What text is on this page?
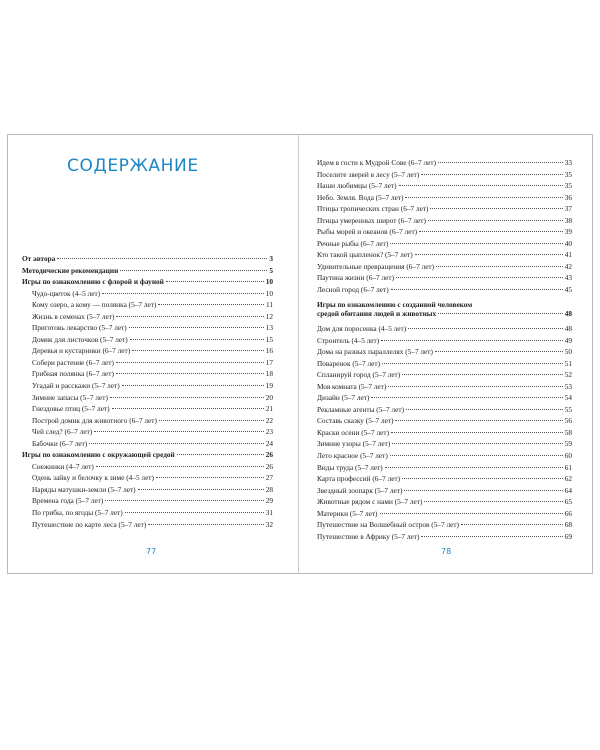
СОДЕРЖАНИЕ
От автора	3
Методические рекомендации	5
Игры по ознакомлению с флорой и фауной	10
Чудо-цветок (4–5 лет)	10
Кому озеро, а кому — полянка (5–7 лет)	11
Жизнь в семенах (5–7 лет)	12
Приготовь лекарство (5–7 лет)	13
Домик для листочков (5–7 лет)	15
Деревья и кустарники (6–7 лет)	16
Собери растение (6–7 лет)	17
Грибная полянка (6–7 лет)	18
Угадай и расскажи (5–7 лет)	19
Зимние запасы (5–7 лет)	20
Гнездовье птиц (5–7 лет)	21
Построй домик для животного (6–7 лет)	22
Чей след? (6–7 лет)	23
Бабочки (6–7 лет)	24
Игры по ознакомлению с окружающей средой	26
Снежинки (4–7 лет)	26
Одень зайку и белочку к зиме (4–5 лет)	27
Наряды матушки-земли (5–7 лет)	28
Времена года (5–7 лет)	29
По грибы, по ягоды (5–7 лет)	31
Путешествие по карте леса (5–7 лет)	32
77
Идем в гости к Мудрой Сове (6–7 лет)	33
Поселите зверей в лесу (5–7 лет)	35
Наши любимцы (5–7 лет)	35
Небо. Земля. Вода (5–7 лет)	36
Птицы тропических стран (6–7 лет)	37
Птицы умеренных широт (6–7 лет)	38
Рыбы морей и океанов (6–7 лет)	39
Речные рыбы (6–7 лет)	40
Кто такой цыпленок? (5–7 лет)	41
Удивительные превращения (6–7 лет)	42
Паутина жизни (6–7 лет)	43
Лесной город (6–7 лет)	45
Игры по ознакомлению с созданной человеком
средой обитания людей и животных	48
Дом для поросенка (4–5 лет)	48
Строитель (4–5 лет)	49
Дома на разных параллелях (5–7 лет)	50
Поваренок (5–7 лет)	51
Спланируй город (5–7 лет)	52
Моя комната (5–7 лет)	53
Дизайн (5–7 лет)	54
Рекламные агенты (5–7 лет)	55
Составь сказку (5–7 лет)	56
Краски осени (5–7 лет)	58
Зимние узоры (5–7 лет)	59
Лето красное (5–7 лет)	60
Виды труда (5–7 лет)	61
Карта профессий (6–7 лет)	62
Звездный зоопарк (5–7 лет)	64
Животные рядом с нами (5–7 лет)	65
Материки (5–7 лет)	66
Путешествие на Волшебный остров (5–7 лет)	68
Путешествие в Африку (5–7 лет)	69
78
